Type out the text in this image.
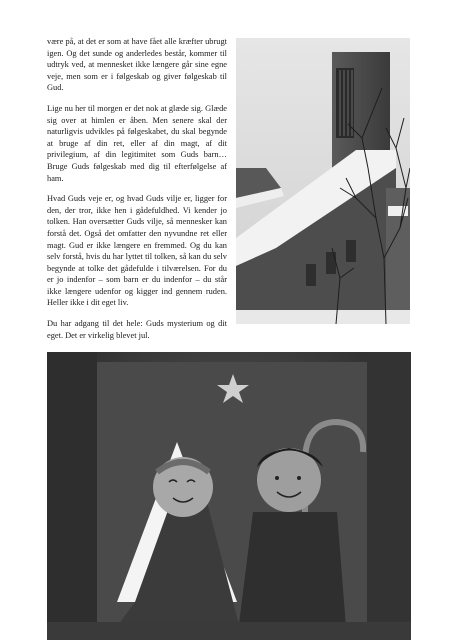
være på, at det er som at have fået alle kræfter ubrugt igen. Og det sunde og anderledes består, kommer til udtryk ved, at mennesket ikke længere går sine egne veje, men som er i følgeskab og giver følgeskab til Gud.

Lige nu her til morgen er det nok at glæde sig. Glæde sig over at himlen er åben. Men senere skal der naturligvis udvikles på følgeskabet, du skal begynde at bruge af din ret, eller af din magt, af dit privilegium, af din legitimitet som Guds barn… Bruge Guds følgeskab med dig til efterfølgelse af ham.

Hvad Guds veje er, og hvad Guds vilje er, ligger for den, der tror, ikke hen i gådefuldhed. Vi kender jo tolken. Han oversætter Guds vilje, så mennesker kan forstå det. Også det omfatter den nyvundne ret eller magt. Gud er ikke længere en fremmed. Og du kan selv forstå, hvis du har lyttet til tolken, så kan du selv begynde at tolke det gådefulde i tilværelsen. For du er jo indenfor – som barn er du indenfor – du står ikke længere udenfor og kigger ind gennem ruden. Heller ikke i dit eget liv.

Du har adgang til det hele: Guds mysterium og dit eget. Det er virkelig blevet jul.
